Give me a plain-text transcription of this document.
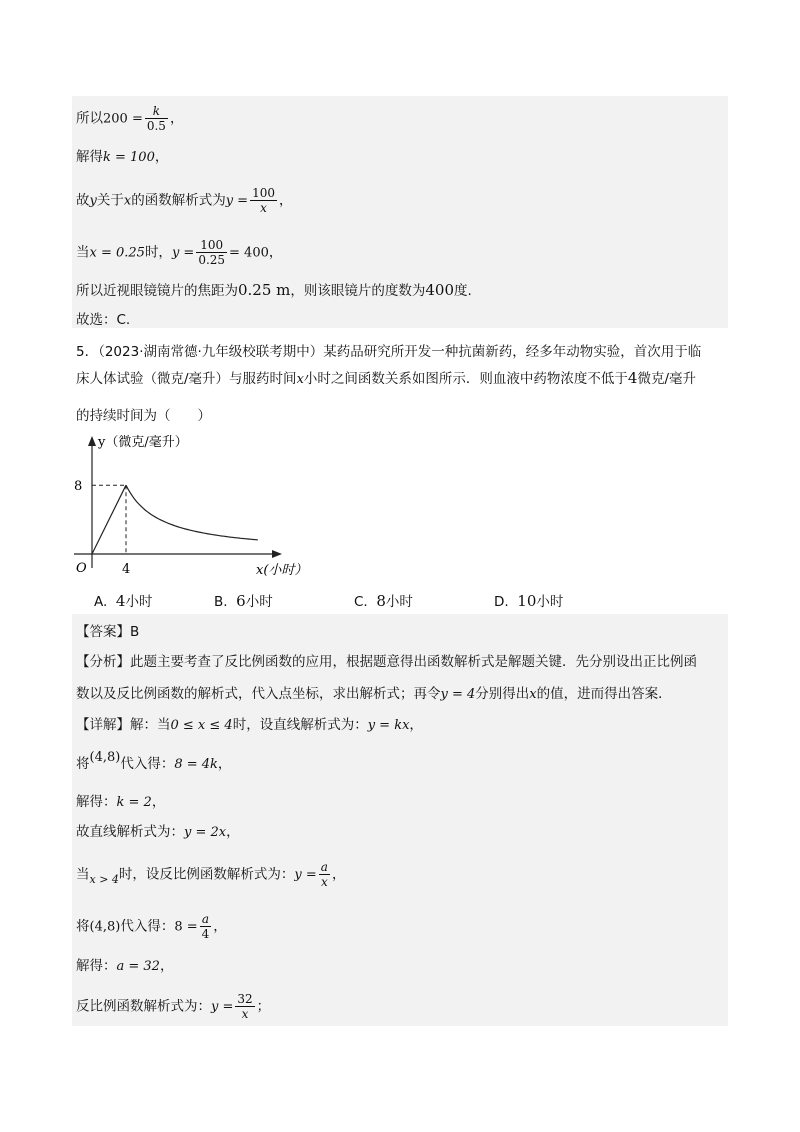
所以$200 = \frac{k}{0.5}$ ，
解得k = 100，
故y关于x的函数解析式为$y = \frac{100}{x}$ ，
当x = 0.25时，$y = \frac{100}{0.25} = 400$，
所以近视眼镜镜片的焦距为0.25 m，则该眼镜片的度数为400度.
故选：C.
5．（2023·湖南常德·九年级校联考期中）某药品研究所开发一种抗菌新药，经多年动物实验，首次用于临
床人体试验（微克/毫升）与服药时间x小时之间函数关系如图所示．则血液中药物浓度不低于4微克/毫升
的持续时间为（　　）
y（微克/毫升）
x(小时）
O	4
8
A. 4小时	B. 6小时	C. 8小时	D. 10小时
【答案】B
【分析】此题主要考查了反比例函数的应用，根据题意得出函数解析式是解题关键．先分别设出正比例函
数以及反比例函数的解析式，代入点坐标，求出解析式；再令y = 4分别得出x的值，进而得出答案．
【详解】解：当0 ≤ x ≤ 4时，设直线解析式为：y = kx，
将(4,8)代入得：8 = 4k，
解得：k = 2，
故直线解析式为：y = 2x，
当$_{x > 4}$时，设反比例函数解析式为：$y = \frac{a}{x}$ ，
将(4,8)代入得：$8 = \frac{a}{4}$ ，
解得：a = 32，
反比例函数解析式为：$y = \frac{32}{x}$ ；
